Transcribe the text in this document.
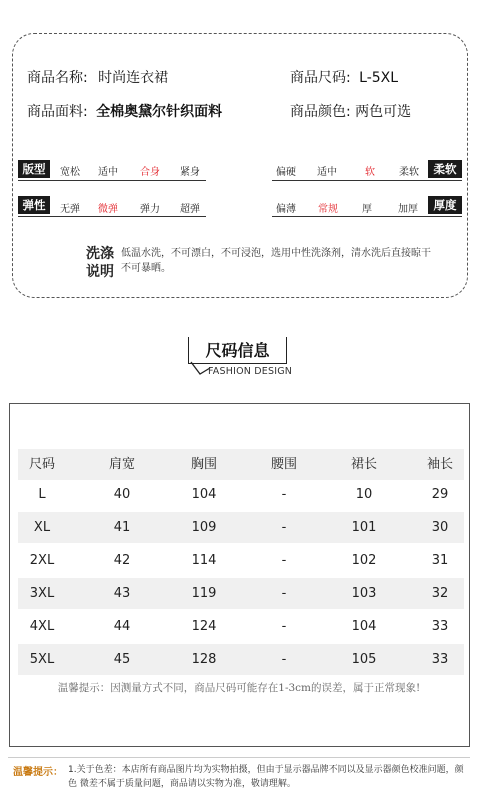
商品名称: 时尚连衣裙	商品尺码: L-5XL
商品面料: 全棉奥黛尔针织面料	商品颜色: 两色可选
版型	宽松 适中 合身 紧身	偏硬 适中	软 柔软	柔软
弹性	无弹 微弹 弹力 超弹	偏薄 常规 厚	加厚	厚度
洗涤
说明
低温水洗，不可漂白，不可浸泡，选用中性洗涤剂，清水洗后直接晾干不可暴晒。
尺码信息
FASHION DESIGN
尺码	肩宽	胸围	腰围	裙长	袖长
L	40	104	-	10	29
XL	41	109	-	101	30
2XL	42	114	-	102	31
3XL	43	119	-	103	32
4XL	44	124	-	104	33
5XL	45	128	-	105	33
温馨提示：因测量方式不同，商品尺码可能存在1-3cm的误差，属于正常现象!
温馨提示： 1.关于色差：本店所有商品图片均为实物拍摄，但由于显示器品牌不同以及显示器颜色校准问题，颜色 微差不属于质量问题，商品请以实物为准，敬请理解。
